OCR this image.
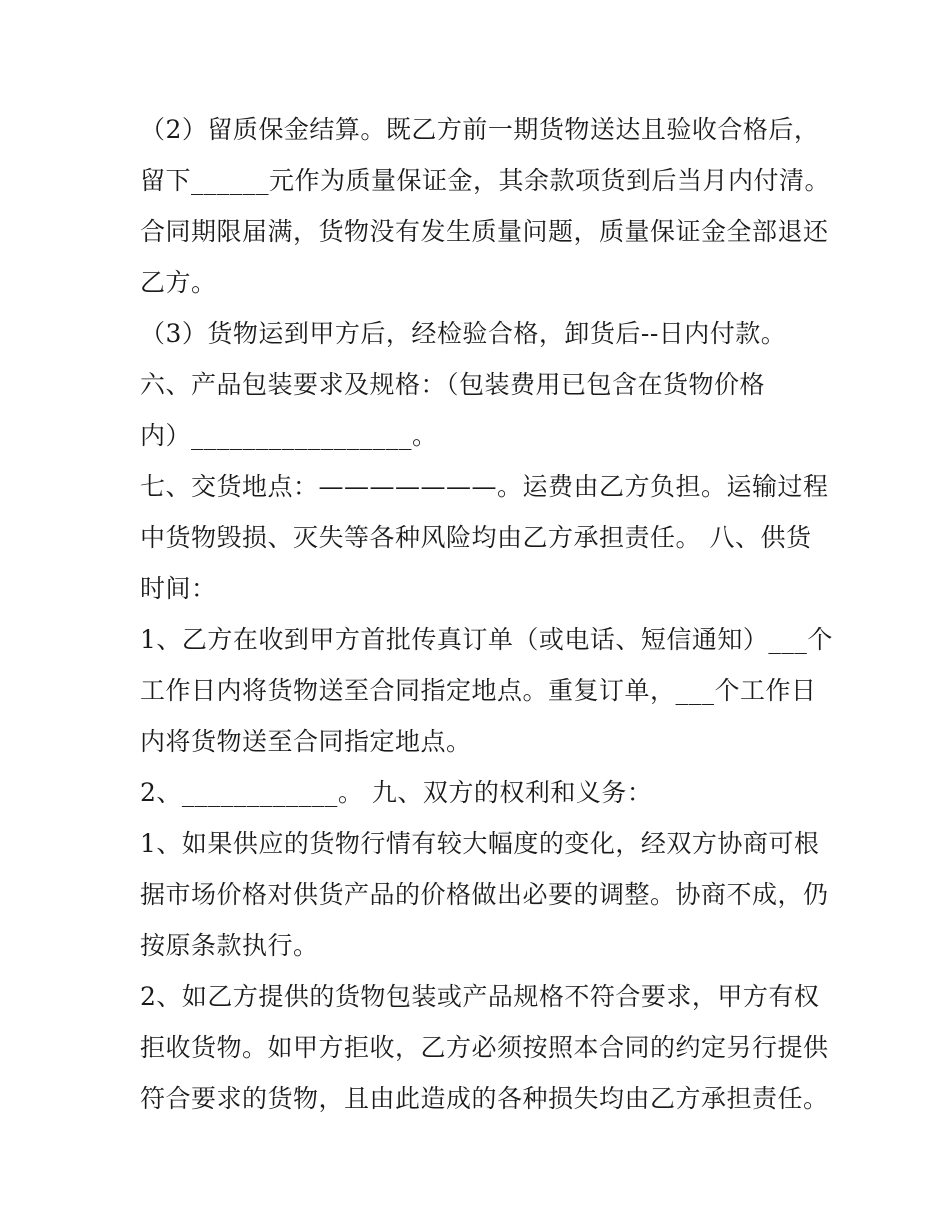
（2）留质保金结算。既乙方前一期货物送达且验收合格后，
留下______元作为质量保证金，其余款项货到后当月内付清。
合同期限届满，货物没有发生质量问题，质量保证金全部退还
乙方。
（3）货物运到甲方后，经检验合格，卸货后--日内付款。
六、产品包装要求及规格：（包装费用已包含在货物价格
内）_________________。
七、交货地点：———————。运费由乙方负担。运输过程
中货物毁损、灭失等各种风险均由乙方承担责任。 八、供货
时间：
1、乙方在收到甲方首批传真订单（或电话、短信通知）___个
工作日内将货物送至合同指定地点。重复订单，___个工作日
内将货物送至合同指定地点。
2、____________。 九、双方的权利和义务：
1、如果供应的货物行情有较大幅度的变化，经双方协商可根
据市场价格对供货产品的价格做出必要的调整。协商不成，仍
按原条款执行。
2、如乙方提供的货物包装或产品规格不符合要求，甲方有权
拒收货物。如甲方拒收，乙方必须按照本合同的约定另行提供
符合要求的货物，且由此造成的各种损失均由乙方承担责任。
